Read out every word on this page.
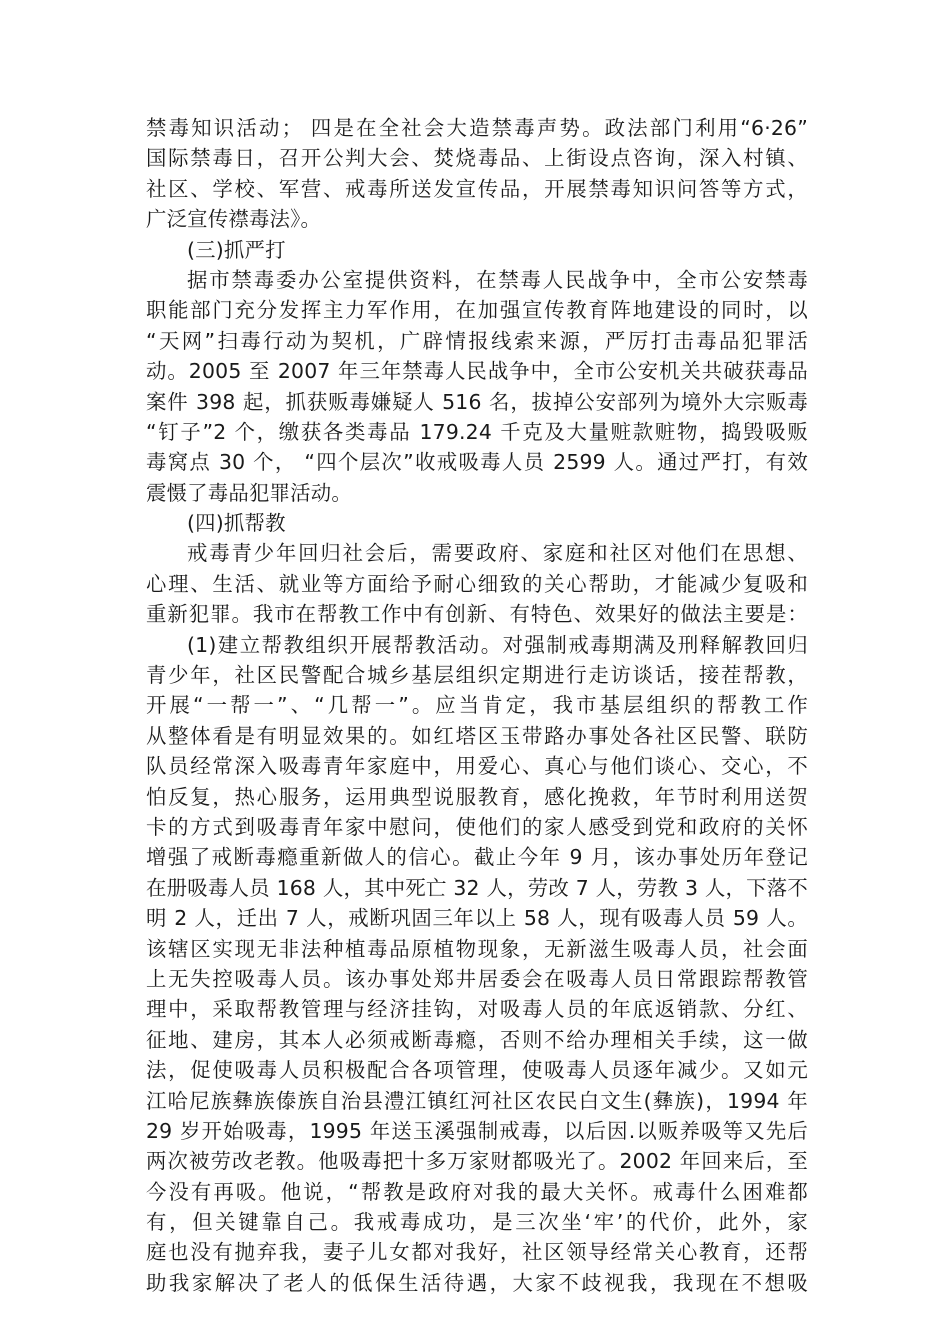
禁毒知识活动； 四是在全社会大造禁毒声势。政法部门利用“6·26”
国际禁毒日，召开公判大会、焚烧毒品、上街设点咨询，深入村镇、
社区、学校、军营、戒毒所送发宣传品，开展禁毒知识问答等方式，
广泛宣传襟毒法》。
(三)抓严打
据市禁毒委办公室提供资料，在禁毒人民战争中，全市公安禁毒
职能部门充分发挥主力军作用，在加强宣传教育阵地建设的同时，以
“天网”扫毒行动为契机，广辟情报线索来源，严厉打击毒品犯罪活
动。2005 至 2007 年三年禁毒人民战争中，全市公安机关共破获毒品
案件 398 起，抓获贩毒嫌疑人 516 名，拔掉公安部列为境外大宗贩毒
“钉子”2 个，缴获各类毒品 179.24 千克及大量赃款赃物，捣毁吸贩
毒窝点 30 个， “四个层次”收戒吸毒人员 2599 人。通过严打，有效
震慑了毒品犯罪活动。
(四)抓帮教
戒毒青少年回归社会后，需要政府、家庭和社区对他们在思想、
心理、生活、就业等方面给予耐心细致的关心帮助，才能减少复吸和
重新犯罪。我市在帮教工作中有创新、有特色、效果好的做法主要是：
(1)建立帮教组织开展帮教活动。对强制戒毒期满及刑释解教回归
青少年，社区民警配合城乡基层组织定期进行走访谈话，接茬帮教，
开展“一帮一”、“几帮一”。应当肯定，我市基层组织的帮教工作
从整体看是有明显效果的。如红塔区玉带路办事处各社区民警、联防
队员经常深入吸毒青年家庭中，用爱心、真心与他们谈心、交心，不
怕反复，热心服务，运用典型说服教育，感化挽救，年节时利用送贺
卡的方式到吸毒青年家中慰问，使他们的家人感受到党和政府的关怀
增强了戒断毒瘾重新做人的信心。截止今年 9 月，该办事处历年登记
在册吸毒人员 168 人，其中死亡 32 人，劳改 7 人，劳教 3 人，下落不
明 2 人，迁出 7 人，戒断巩固三年以上 58 人，现有吸毒人员 59 人。
该辖区实现无非法种植毒品原植物现象，无新滋生吸毒人员，社会面
上无失控吸毒人员。该办事处郑井居委会在吸毒人员日常跟踪帮教管
理中，采取帮教管理与经济挂钩，对吸毒人员的年底返销款、分红、
征地、建房，其本人必须戒断毒瘾，否则不给办理相关手续，这一做
法，促使吸毒人员积极配合各项管理，使吸毒人员逐年减少。又如元
江哈尼族彝族傣族自治县澧江镇红河社区农民白文生(彝族)，1994 年
29 岁开始吸毒，1995 年送玉溪强制戒毒，以后因.以贩养吸等又先后
两次被劳改老教。他吸毒把十多万家财都吸光了。2002 年回来后，至
今没有再吸。他说，“帮教是政府对我的最大关怀。戒毒什么困难都
有，但关键靠自己。我戒毒成功，是三次坐‘牢’的代价，此外，家
庭也没有抛弃我，妻子儿女都对我好，社区领导经常关心教育，还帮
助我家解决了老人的低保生活待遇，大家不歧视我，我现在不想吸
